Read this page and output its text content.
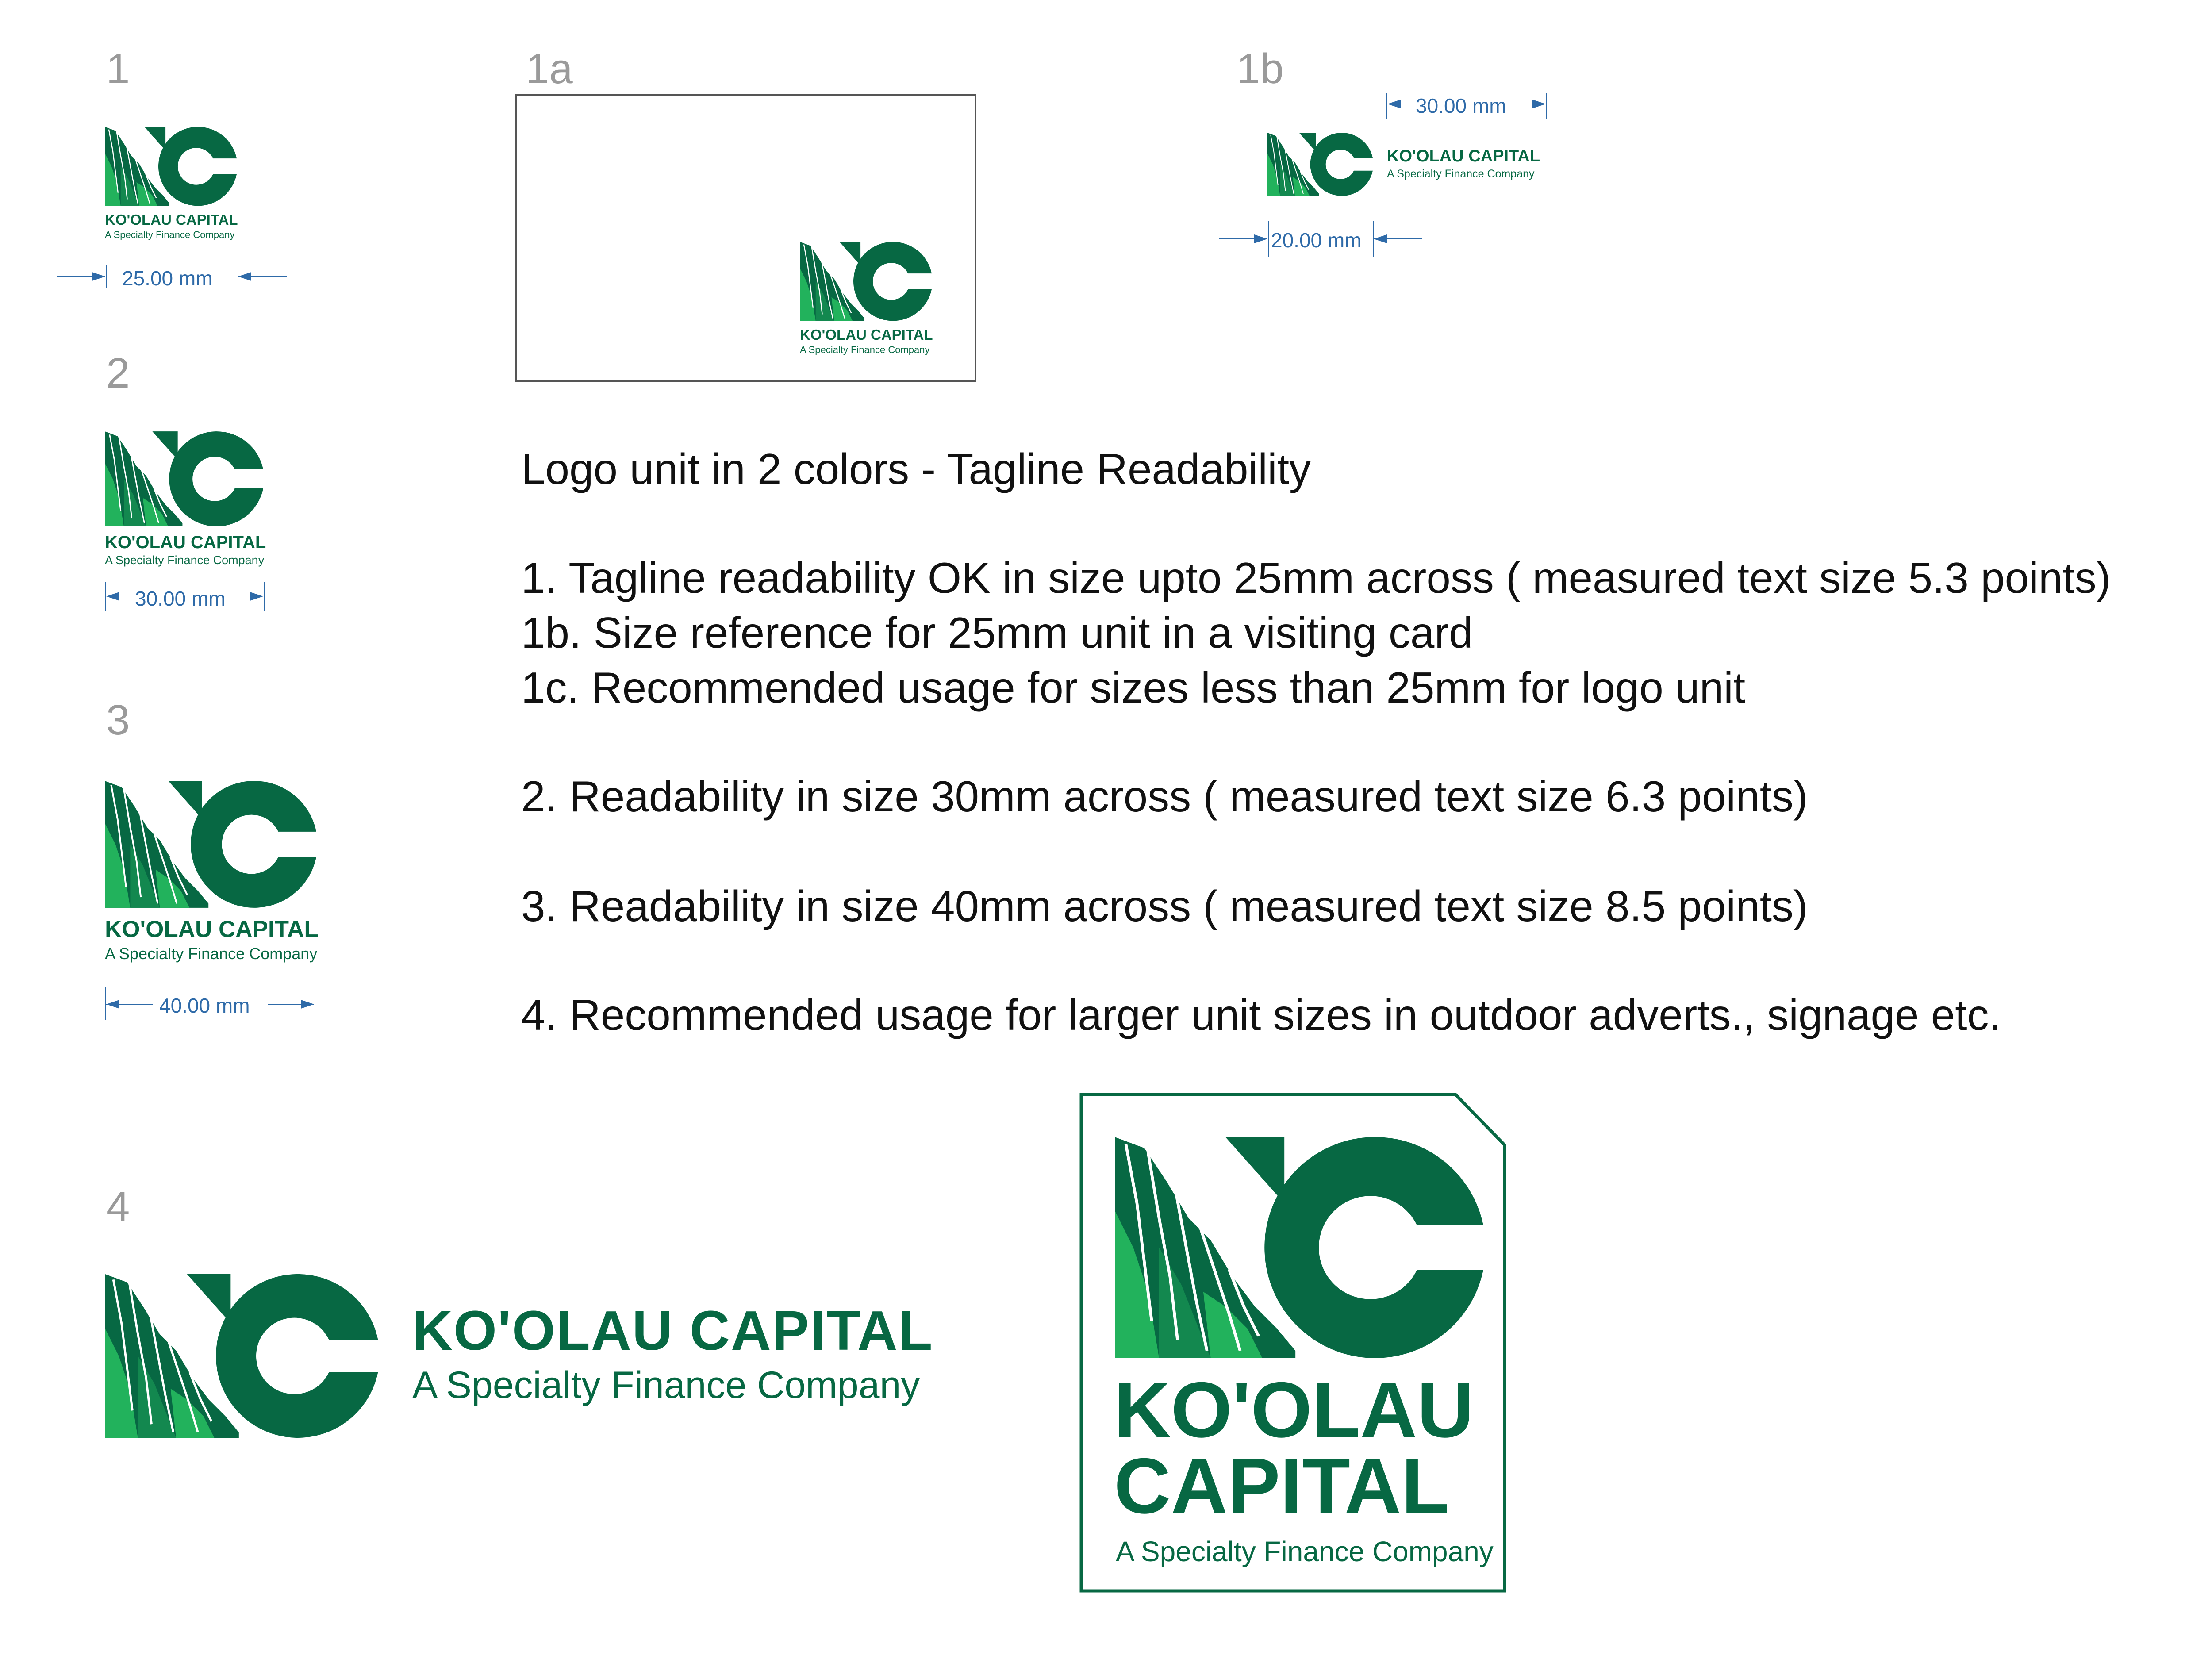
1	1a	1b
2
3
4
KO'OLAU CAPITAL
A Specialty Finance Company
25.00 mm
KO'OLAU CAPITAL
A Specialty Finance Company
KO'OLAU CAPITAL
A Specialty Finance Company
30.00 mm
20.00 mm
KO'OLAU CAPITAL
A Specialty Finance Company
30.00 mm
KO'OLAU CAPITAL
A Specialty Finance Company
40.00 mm
Logo unit in 2 colors - Tagline Readability
1. Tagline readability OK in size upto 25mm across ( measured text size 5.3 points)
1b. Size reference for 25mm unit in a visiting card
1c. Recommended usage for sizes less than 25mm for logo unit
2. Readability in size 30mm across ( measured text size 6.3 points)
3. Readability in size 40mm across ( measured text size 8.5 points)
4. Recommended usage for larger unit sizes in outdoor adverts., signage etc.
KO'OLAU CAPITAL
A Specialty Finance Company KO'OLAU
CAPITAL
A Specialty Finance Company
